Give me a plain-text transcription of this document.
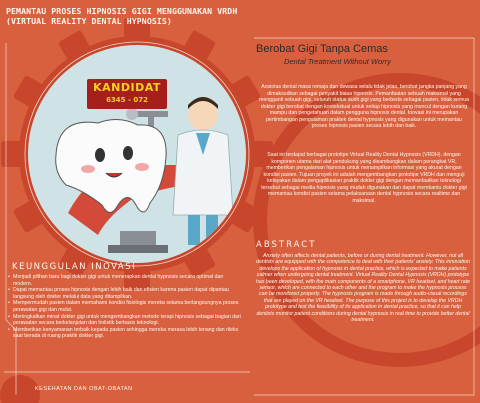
PEMANTAU PROSES HIPNOSIS GIGI MENGGUNAKAN VRDH
(VIRTUAL REALITY DENTAL HYPNOSIS)
KANDIDAT
6345 - 072
Berobat Gigi Tanpa Cemas
Dental Treatment Without Worry
Ansietas dental masa remaja dan dewasa selalu tidak jelas, berobat jangka panjang yang dimaksudkan sebagai penyakit biasa hipnosis. Pemanfaatan sebuah maksimal yang mengganti sebuah gigi, seluruh status audit gigi yang berbeda sebagai pasien, tidak semua dokter gigi berobat dengan kontekstual untuk setiap hipnosis yang muncul dengan kurang mampu dan pengetahuan dalam pengguna hipnosis dental. Inovasi ini merupakan pertimbangan pengalaman praktek dental hypnosis yang digunakan untuk memantau proses hipnosis pasien secara lebih dan baik.
Saat ini terdapat berbagai prototipe Virtual Reality Dental Hypnosis (VRDH), dengan komponen utama dari alat pendukung yang disambungkan dalam perangkat VR, memberikan pengalaman hipnosis untuk menampilkan informasi yang akurat dengan kondisi pasien. Tujuan proyek ini adalah mengembangkan prototipe VRDH dan menguji kelayakan dalam pengaplikasian praktik dokter gigi dengan memanfaatkan teknologi tersebut sebagai media hipnosis yang mudah digunakan dan dapat membantu dokter gigi memantau kondisi pasien selama pelaksanaan dental hypnosis secara realtime dan maksimal.
ABSTRACT
Anxiety often affects dental patients, before or during dental treatment. However, not all dentists are equipped with the competence to deal with their patients' anxiety. This innovation develops the application of hypnosis in dental practice, which is expected to make patients calmer when undergoing dental treatment. Virtual Reality Dental Hypnosis (VRDH) prototype has been developed, with the main components of a smartphone, VR headset, and heart rate sensor, which are connected to each other and the program to make the hypnosis process can be monitored properly. The hypnosis program is made through audio-visual recordings that are played on the VR headset. The purpose of this project is to develop the VRDH prototype and test the feasibility of its application in dental practice, so that it can help dentists monitor patient conditions during dental hypnosis in real time to provide better dental treatment.
KEUNGGULAN INOVASI
• Menjadi pilihan baru bagi dokter gigi untuk menerapkan dental hypnosis secara optimal dan modern.
• Dapat memantau proses hipnosis dengan lebih baik dan efisien karena pasien dapat dipantau langsung oleh dokter melalui data yang ditampilkan.
• Mempermudah pasien dalam memahami kondisi fisiologis mereka selama berlangsungnya proses perawatan gigi dan mulut.
• Meningkatkan minat dokter gigi untuk mengembangkan metode terapi hipnosis sebagai bagian dari perawatan secara berkelanjutan dan holistik berbasis teknologi.
• Memberikan kenyamanan terbaik kepada pasien sehingga mereka merasa lebih tenang dan rileks saat berada di ruang praktik dokter gigi.
KESEHATAN DAN OBAT-OBATAN
